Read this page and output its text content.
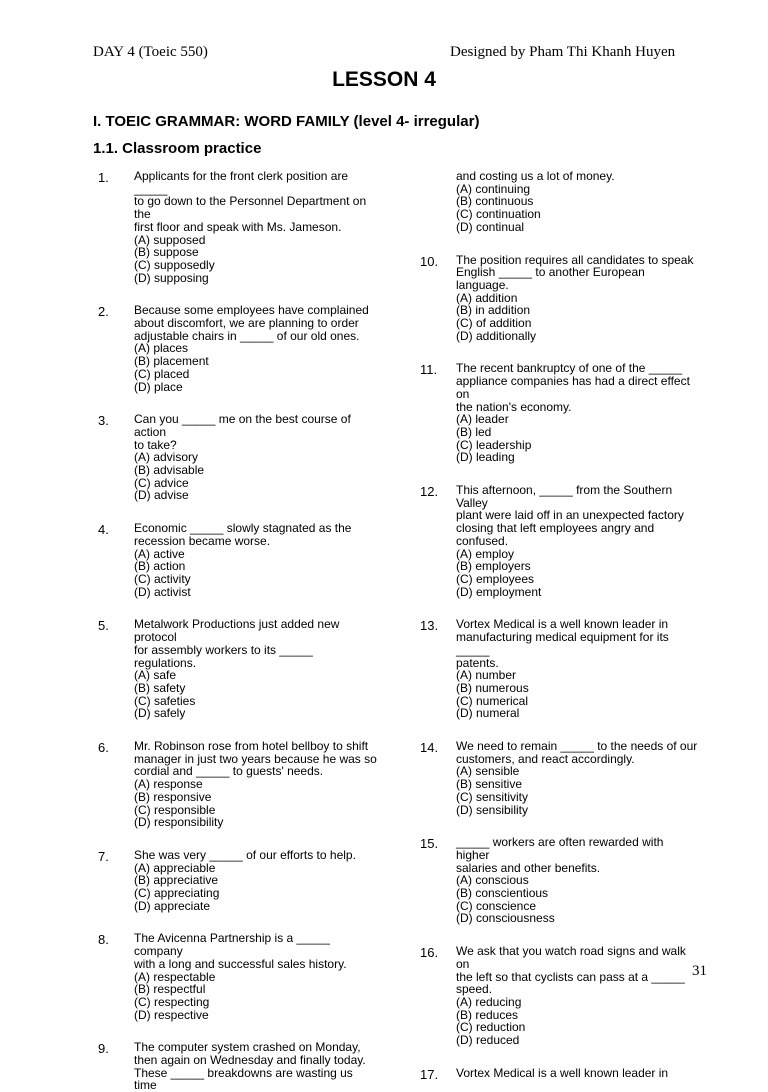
DAY 4 (Toeic 550)	Designed by Pham Thi Khanh Huyen
LESSON 4
I. TOEIC GRAMMAR: WORD FAMILY (level 4- irregular)
1.1. Classroom practice
1. Applicants for the front clerk position are _____
to go down to the Personnel Department on the
first floor and speak with Ms. Jameson.
(A) supposed
(B) suppose
(C) supposedly
(D) supposing
2. Because some employees have complained
about discomfort, we are planning to order
adjustable chairs in _____ of our old ones.
(A) places
(B) placement
(C) placed
(D) place
3. Can you _____ me on the best course of action
to take?
(A) advisory
(B) advisable
(C) advice
(D) advise
4. Economic _____ slowly stagnated as the
recession became worse.
(A) active
(B) action
(C) activity
(D) activist
5. Metalwork Productions just added new protocol
for assembly workers to its _____ regulations.
(A) safe
(B) safety
(C) safeties
(D) safely
6. Mr. Robinson rose from hotel bellboy to shift
manager in just two years because he was so
cordial and _____ to guests' needs.
(A) response
(B) responsive
(C) responsible
(D) responsibility
7. She was very _____ of our efforts to help.
(A) appreciable
(B) appreciative
(C) appreciating
(D) appreciate
8. The Avicenna Partnership is a _____ company
with a long and successful sales history.
(A) respectable
(B) respectful
(C) respecting
(D) respective
9. The computer system crashed on Monday,
then again on Wednesday and finally today.
These _____ breakdowns are wasting us time
and costing us a lot of money.
(A) continuing
(B) continuous
(C) continuation
(D) continual
10. The position requires all candidates to speak
English _____ to another European language.
(A) addition
(B) in addition
(C) of addition
(D) additionally
11. The recent bankruptcy of one of the _____
appliance companies has had a direct effect on
the nation's economy.
(A) leader
(B) led
(C) leadership
(D) leading
12. This afternoon, _____ from the Southern Valley
plant were laid off in an unexpected factory
closing that left employees angry and
confused.
(A) employ
(B) employers
(C) employees
(D) employment
13. Vortex Medical is a well known leader in
manufacturing medical equipment for its _____
patents.
(A) number
(B) numerous
(C) numerical
(D) numeral
14. We need to remain _____ to the needs of our
customers, and react accordingly.
(A) sensible
(B) sensitive
(C) sensitivity
(D) sensibility
15. _____ workers are often rewarded with higher
salaries and other benefits.
(A) conscious
(B) conscientious
(C) conscience
(D) consciousness
16. We ask that you watch road signs and walk on
the left so that cyclists can pass at a _____
speed.
(A) reducing
(B) reduces
(C) reduction
(D) reduced
17. Vortex Medical is a well known leader in
31
